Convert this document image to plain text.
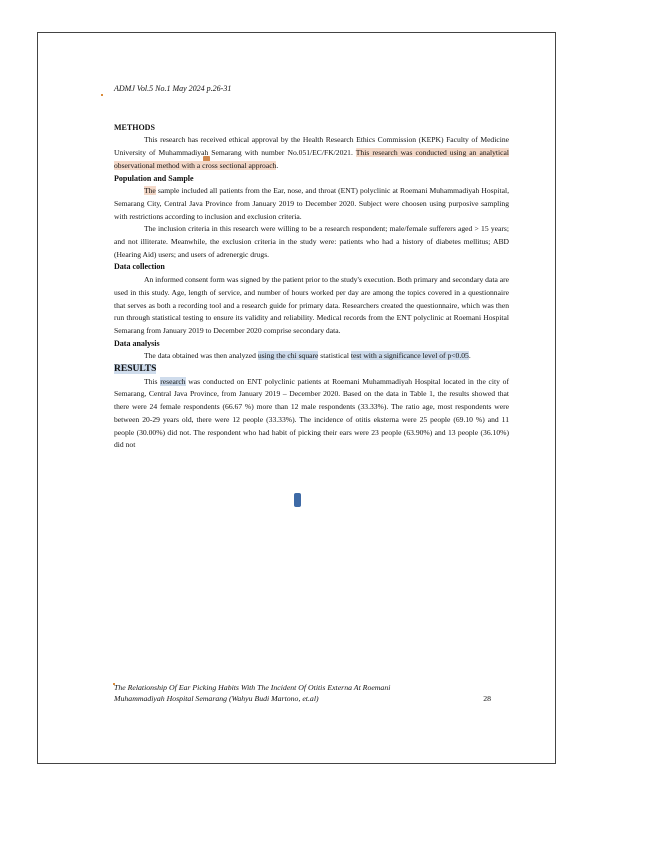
ADMJ Vol.5 No.1 May 2024 p.26-31
METHODS

This research has received ethical approval by the Health Research Ethics Commission (KEPK) Faculty of Medicine University of Muhammadiyah Semarang with number No.051/EC/FK/2021. This research was conducted using an analytical observational method with a cross sectional approach.

Population and Sample

The sample included all patients from the Ear, nose, and throat (ENT) polyclinic at Roemani Muhammadiyah Hospital, Semarang City, Central Java Province from January 2019 to December 2020. Subject were choosen using purposive sampling with restrictions according to inclusion and exclusion criteria.

The inclusion criteria in this research were willing to be a research respondent; male/female sufferers aged > 15 years; and not illiterate. Meanwhile, the exclusion criteria in the study were: patients who had a history of diabetes mellitus; ABD (Hearing Aid) users; and users of adrenergic drugs.

Data collection

An informed consent form was signed by the patient prior to the study's execution. Both primary and secondary data are used in this study. Age, length of service, and number of hours worked per day are among the topics covered in a questionnaire that serves as both a recording tool and a research guide for primary data. Researchers created the questionnaire, which was then run through statistical testing to ensure its validity and reliability. Medical records from the ENT polyclinic at Roemani Hospital Semarang from January 2019 to December 2020 comprise secondary data.

Data analysis

The data obtained was then analyzed using the chi square statistical test with a significance level of p<0.05.

RESULTS

This research was conducted on ENT polyclinic patients at Roemani Muhammadiyah Hospital located in the city of Semarang, Central Java Province, from January 2019 – December 2020. Based on the data in Table 1, the results showed that there were 24 female respondents (66.67 %) more than 12 male respondents (33.33%). The ratio age, most respondents were between 20-29 years old, there were 12 people (33.33%). The incidence of otitis eksterna were 25 people (69.10 %) and 11 people (30.00%) did not. The respondent who had habit of picking their ears were 23 people (63.90%) and 13 people (36.10%) did not

The Relationship Of Ear Picking Habits With The Incident Of Otitis Externa At Roemani
Muhammadiyah Hospital Semarang (Wahyu Budi Martono, et.al)	28
